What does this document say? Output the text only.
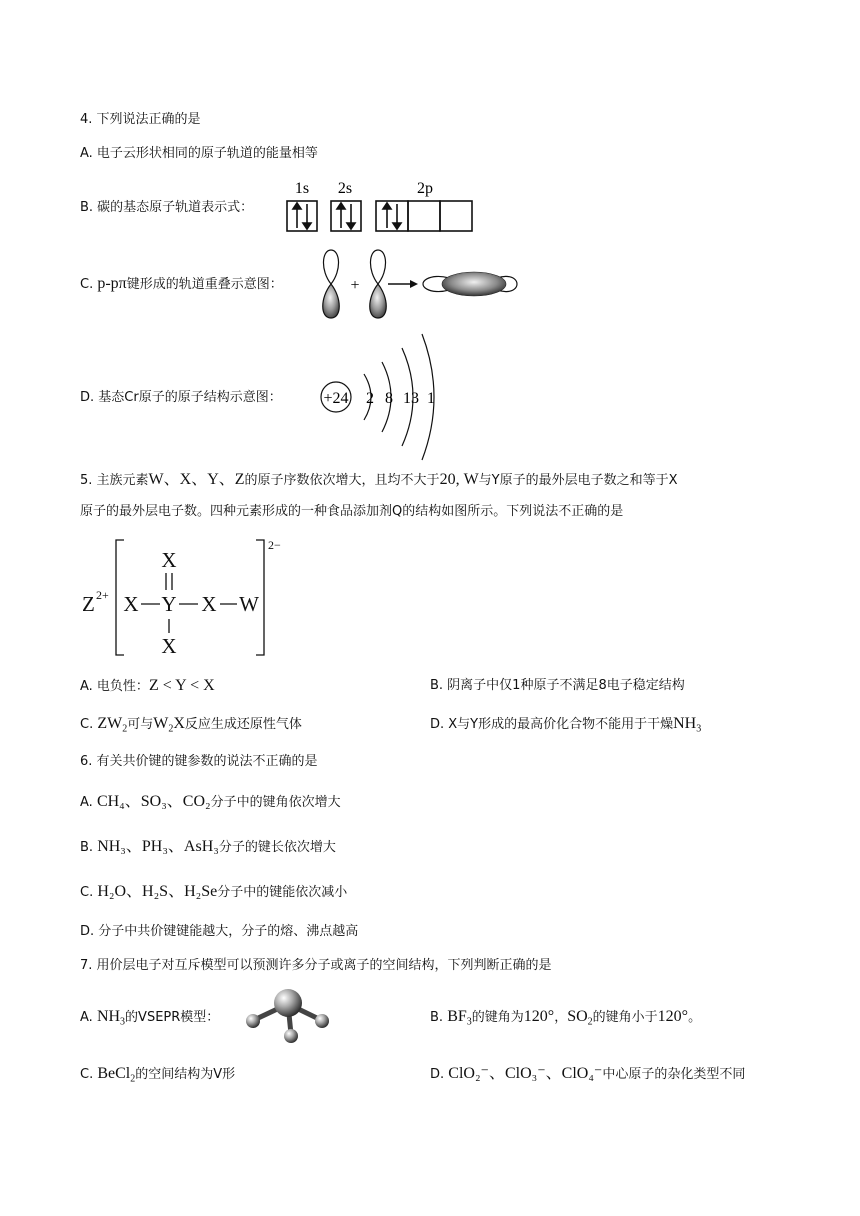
4. 下列说法正确的是
A. 电子云形状相同的原子轨道的能量相等
B. 碳的基态原子轨道表示式：
1s 2s	2p
C. p-pπ键形成的轨道重叠示意图：	+
D. 基态Cr原子的原子结构示意图：	+24 2 8 13 1
5. 主族元素W、X、Y、Z的原子序数依次增大，且均不大于20, W与Y原子的最外层电子数之和等于X
原子的最外层电子数。四种元素形成的一种食品添加剂Q的结构如图所示。下列说法不正确的是
Z 2+
X
X Y X W
X
2−
A. 电负性：Z < Y < X	B. 阴离子中仅1种原子不满足8电子稳定结构
C. $ZW_2$可与$W_2X$反应生成还原性气体	D. X与Y形成的最高价化合物不能用于干燥$NH_3$
6. 有关共价键的键参数的说法不正确的是
A. CH₄、SO₃、CO₂分子中的键角依次增大
B. NH₃、PH₃、AsH₃分子的键长依次增大
C. H₂O、H₂S、H₂Se分子中的键能依次减小
D. 分子中共价键键能越大，分子的熔、沸点越高
7. 用价层电子对互斥模型可以预测许多分子或离子的空间结构，下列判断正确的是
A. $NH_3$的VSEPR模型：	B. $BF_3$的键角为120°，$SO_2$的键角小于120°。
C. BeCl$_2$的空间结构为V形	D. ClO₂⁻、ClO₃⁻、ClO₄⁻中心原子的杂化类型不同
